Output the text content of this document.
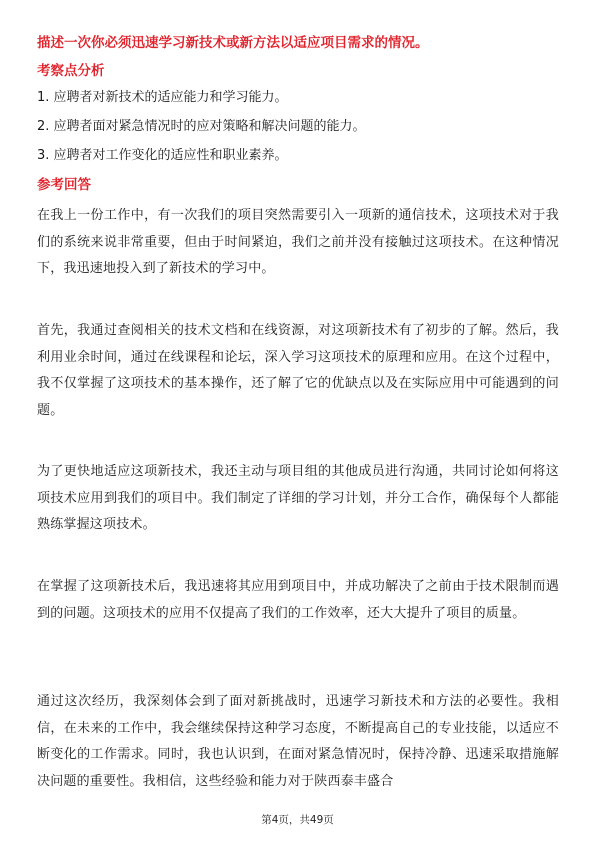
描述一次你必须迅速学习新技术或新方法以适应项目需求的情况。
考察点分析
1. 应聘者对新技术的适应能力和学习能力。
2. 应聘者面对紧急情况时的应对策略和解决问题的能力。
3. 应聘者对工作变化的适应性和职业素养。
参考回答
在我上一份工作中，有一次我们的项目突然需要引入一项新的通信技术，这项技术对于我们的系统来说非常重要，但由于时间紧迫，我们之前并没有接触过这项技术。在这种情况下，我迅速地投入到了新技术的学习中。
首先，我通过查阅相关的技术文档和在线资源，对这项新技术有了初步的了解。然后，我利用业余时间，通过在线课程和论坛，深入学习这项技术的原理和应用。在这个过程中，我不仅掌握了这项技术的基本操作，还了解了它的优缺点以及在实际应用中可能遇到的问题。
为了更快地适应这项新技术，我还主动与项目组的其他成员进行沟通，共同讨论如何将这项技术应用到我们的项目中。我们制定了详细的学习计划，并分工合作，确保每个人都能熟练掌握这项技术。
在掌握了这项新技术后，我迅速将其应用到项目中，并成功解决了之前由于技术限制而遇到的问题。这项技术的应用不仅提高了我们的工作效率，还大大提升了项目的质量。
通过这次经历，我深刻体会到了面对新挑战时，迅速学习新技术和方法的必要性。我相信，在未来的工作中，我会继续保持这种学习态度，不断提高自己的专业技能，以适应不断变化的工作需求。同时，我也认识到，在面对紧急情况时，保持冷静、迅速采取措施解决问题的重要性。我相信，这些经验和能力对于陕西泰丰盛合
第4页，共49页
